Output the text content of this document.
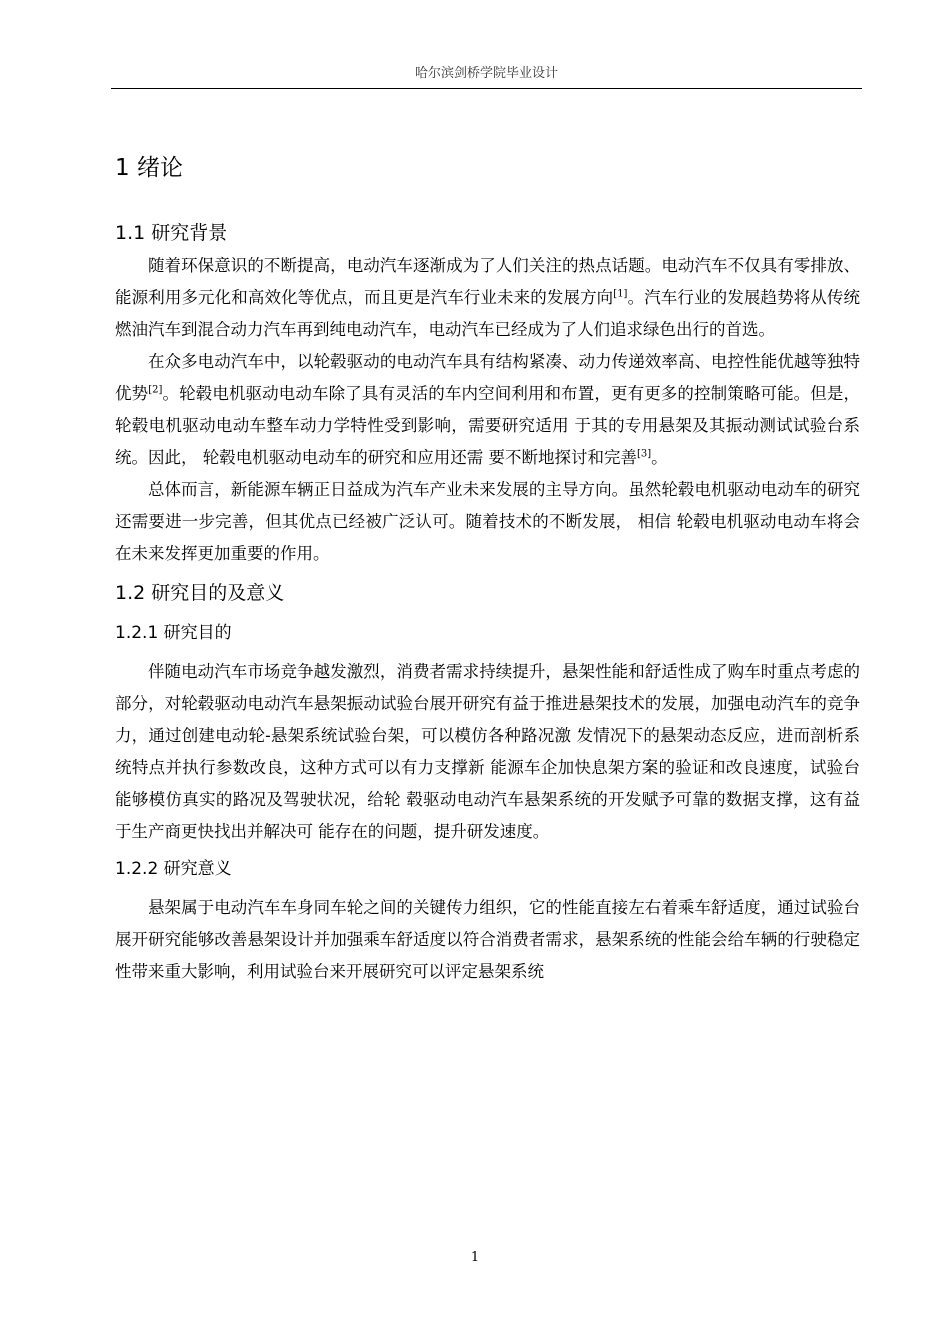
哈尔滨剑桥学院毕业设计
1 绪论
1.1 研究背景

随着环保意识的不断提高，电动汽车逐渐成为了人们关注的热点话题。电动汽车不仅具有零排放、能源利用多元化和高效化等优点，而且更是汽车行业未来的发展方向[1]。汽车行业的发展趋势将从传统燃油汽车到混合动力汽车再到纯电动汽车，电动汽车已经成为了人们追求绿色出行的首选。

在众多电动汽车中，以轮毂驱动的电动汽车具有结构紧凑、动力传递效率高、电控性能优越等独特优势[2]。轮毂电机驱动电动车除了具有灵活的车内空间利用和布置，更有更多的控制策略可能。但是， 轮毂电机驱动电动车整车动力学特性受到影响，需要研究适用 于其的专用悬架及其振动测试试验台系统。因此， 轮毂电机驱动电动车的研究和应用还需 要不断地探讨和完善[3]。

总体而言，新能源车辆正日益成为汽车产业未来发展的主导方向。虽然轮毂电机驱动电动车的研究还需要进一步完善，但其优点已经被广泛认可。随着技术的不断发展， 相信 轮毂电机驱动电动车将会在未来发挥更加重要的作用。

1.2 研究目的及意义
1.2.1 研究目的

伴随电动汽车市场竞争越发激烈，消费者需求持续提升，悬架性能和舒适性成了购车时重点考虑的部分，对轮毂驱动电动汽车悬架振动试验台展开研究有益于推进悬架技术的发展，加强电动汽车的竞争力，通过创建电动轮-悬架系统试验台架，可以模仿各种路况激 发情况下的悬架动态反应，进而剖析系统特点并执行参数改良，这种方式可以有力支撑新 能源车企加快息架方案的验证和改良速度，试验台能够模仿真实的路况及驾驶状况，给轮 毂驱动电动汽车悬架系统的开发赋予可靠的数据支撑，这有益于生产商更快找出并解决可 能存在的问题，提升研发速度。

1.2.2 研究意义

悬架属于电动汽车车身同车轮之间的关键传力组织，它的性能直接左右着乘车舒适度，通过试验台展开研究能够改善悬架设计并加强乘车舒适度以符合消费者需求，悬架系统的性能会给车辆的行驶稳定性带来重大影响，利用试验台来开展研究可以评定悬架系统

1
